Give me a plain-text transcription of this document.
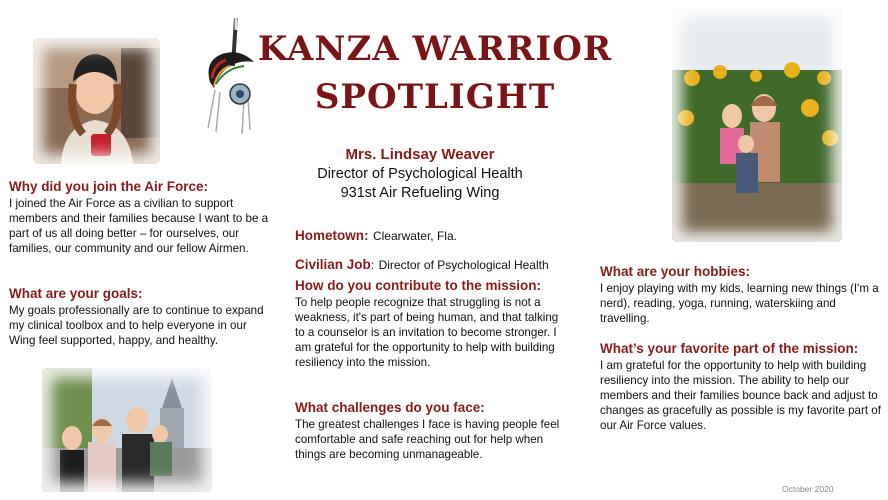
KANZA WARRIOR
SPOTLIGHT

Why did you join the Air Force:

I joined the Air Force as a civilian to support members and their families because I want to be a part of us all doing better – for ourselves, our families, our community and our fellow Airmen.

What are your goals:

My goals professionally are to continue to expand my clinical toolbox and to help everyone in our Wing feel supported, happy, and healthy.

Mrs. Lindsay Weaver
Director of Psychological Health
931st Air Refueling Wing
Hometown: Clearwater, Fla.
Civilian Job: Director of Psychological Health

How do you contribute to the mission:

To help people recognize that struggling is not a weakness, it's part of being human, and that talking to a counselor is an invitation to become stronger. I am grateful for the opportunity to help with building resiliency into the mission.

What challenges do you face:

The greatest challenges I face is having people feel comfortable and safe reaching out for help when things are becoming unmanageable.

What are your hobbies:

I enjoy playing with my kids, learning new things (I'm a nerd), reading, yoga, running, waterskiing and travelling.

What’s your favorite part of the mission:

I am grateful for the opportunity to help with building resiliency into the mission. The ability to help our members and their families bounce back and adjust to changes as gracefully as possible is my favorite part of our Air Force values.

October 2020
